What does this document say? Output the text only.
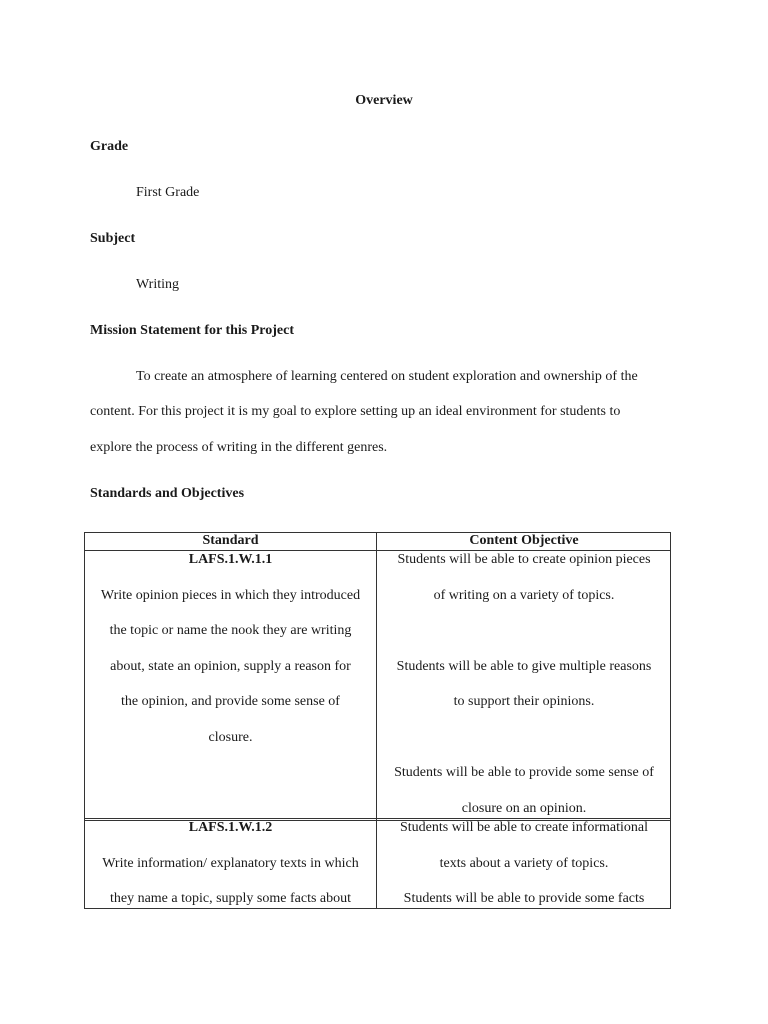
Overview
Grade
First Grade
Subject
Writing
Mission Statement for this Project
To create an atmosphere of learning centered on student exploration and ownership of the
content. For this project it is my goal to explore setting up an ideal environment for students to
explore the process of writing in the different genres.
Standards and Objectives
Standard	Content Objective
LAFS.1.W.1.1
Write opinion pieces in which they introduced
the topic or name the nook they are writing
about, state an opinion, supply a reason for
the opinion, and provide some sense of
closure.
Students will be able to create opinion pieces
of writing on a variety of topics.
Students will be able to give multiple reasons
to support their opinions.
Students will be able to provide some sense of
closure on an opinion.
LAFS.1.W.1.2
Write information/ explanatory texts in which
they name a topic, supply some facts about
Students will be able to create informational
texts about a variety of topics.
Students will be able to provide some facts
